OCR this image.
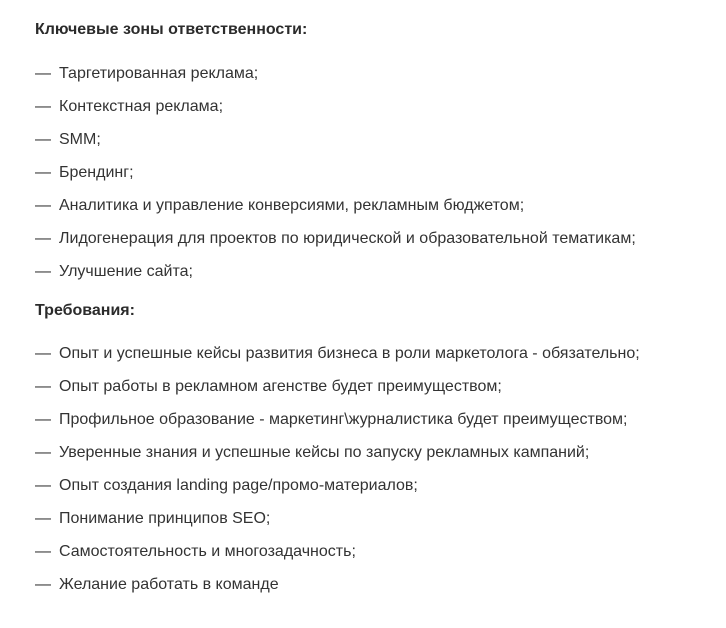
Ключевые зоны ответственности:
— Таргетированная реклама;
— Контекстная реклама;
— SMM;
— Брендинг;
— Аналитика и управление конверсиями, рекламным бюджетом;
— Лидогенерация для проектов по юридической и образовательной тематикам;
— Улучшение сайта;
Требования:
— Опыт и успешные кейсы развития бизнеса в роли маркетолога - обязательно;
— Опыт работы в рекламном агенстве будет преимуществом;
— Профильное образование - маркетинг\журналистика будет преимуществом;
— Уверенные знания и успешные кейсы по запуску рекламных кампаний;
— Опыт создания landing page/промо-материалов;
— Понимание принципов SEO;
— Самостоятельность и многозадачность;
— Желание работать в команде
